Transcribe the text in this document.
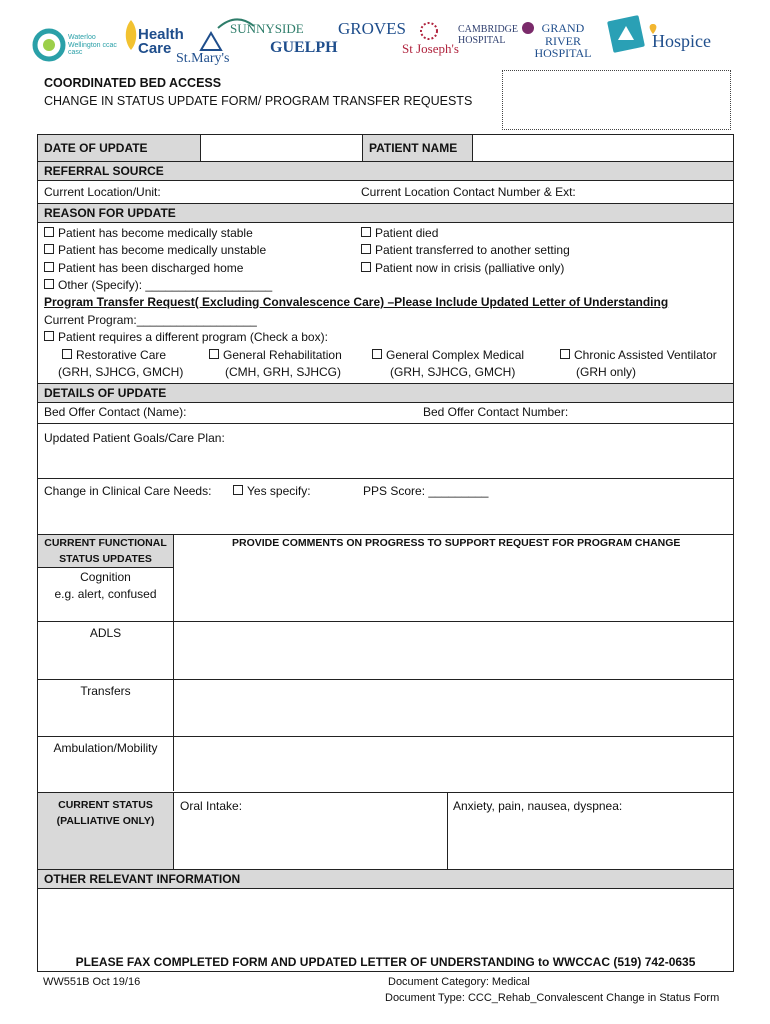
Waterloo Wellington ccac casc
Health Care
St.Mary's
SUNNYSIDE
GUELPH
GROVES
St Joseph's
CAMBRIDGE HOSPITAL
GRAND RIVER HOSPITAL
Hospice
COORDINATED BED ACCESS
CHANGE IN STATUS UPDATE FORM/ PROGRAM TRANSFER REQUESTS
DATE OF UPDATE	PATIENT NAME
REFERRAL SOURCE
Current Location/Unit:	Current Location Contact Number & Ext:
REASON FOR UPDATE
Patient has become medically stable
Patient has become medically unstable
Patient has been discharged home
Other (Specify): ___________________
Patient died
Patient transferred to another setting
Patient now in crisis (palliative only)
Program Transfer Request( Excluding Convalescence Care) –Please Include Updated Letter of Understanding
Current Program:__________________
Patient requires a different program (Check a box):
Restorative Care
(GRH, SJHCG, GMCH)
General Rehabilitation
(CMH, GRH, SJHCG)
General Complex Medical
(GRH, SJHCG, GMCH)
Chronic Assisted Ventilator
(GRH only)
DETAILS OF UPDATE
Bed Offer Contact (Name):	Bed Offer Contact Number:
Updated Patient Goals/Care Plan:
Change in Clinical Care Needs:	Yes specify:	PPS Score: _________
CURRENT FUNCTIONAL
STATUS UPDATES
PROVIDE COMMENTS ON PROGRESS TO SUPPORT REQUEST FOR PROGRAM CHANGE
Cognition
e.g. alert, confused
ADLS
Transfers
Ambulation/Mobility
CURRENT STATUS
(PALLIATIVE ONLY)
Oral Intake:	Anxiety, pain, nausea, dyspnea:
OTHER RELEVANT INFORMATION
PLEASE FAX COMPLETED FORM AND UPDATED LETTER OF UNDERSTANDING to WWCCAC (519) 742-0635
WW551B Oct 19/16	Document Category: Medical
Document Type: CCC_Rehab_Convalescent Change in Status Form
